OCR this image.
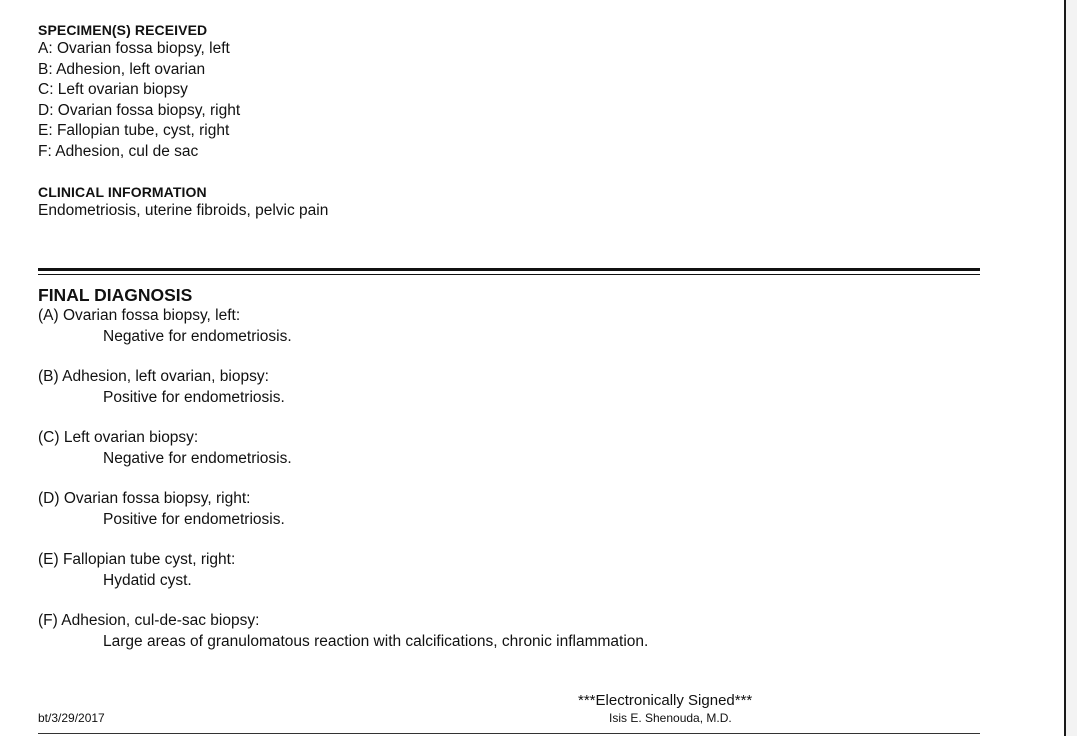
SPECIMEN(S) RECEIVED
A: Ovarian fossa biopsy, left
B: Adhesion, left ovarian
C: Left ovarian biopsy
D: Ovarian fossa biopsy, right
E: Fallopian tube, cyst, right
F: Adhesion, cul de sac
CLINICAL INFORMATION
Endometriosis, uterine fibroids, pelvic pain
FINAL DIAGNOSIS
(A) Ovarian fossa biopsy, left:
Negative for endometriosis.
(B) Adhesion, left ovarian, biopsy:
Positive for endometriosis.
(C) Left ovarian biopsy:
Negative for endometriosis.
(D) Ovarian fossa biopsy, right:
Positive for endometriosis.
(E) Fallopian tube cyst, right:
Hydatid cyst.
(F) Adhesion, cul-de-sac biopsy:
Large areas of granulomatous reaction with calcifications, chronic inflammation.
bt/3/29/2017
***Electronically Signed***
Isis E. Shenouda, M.D.
